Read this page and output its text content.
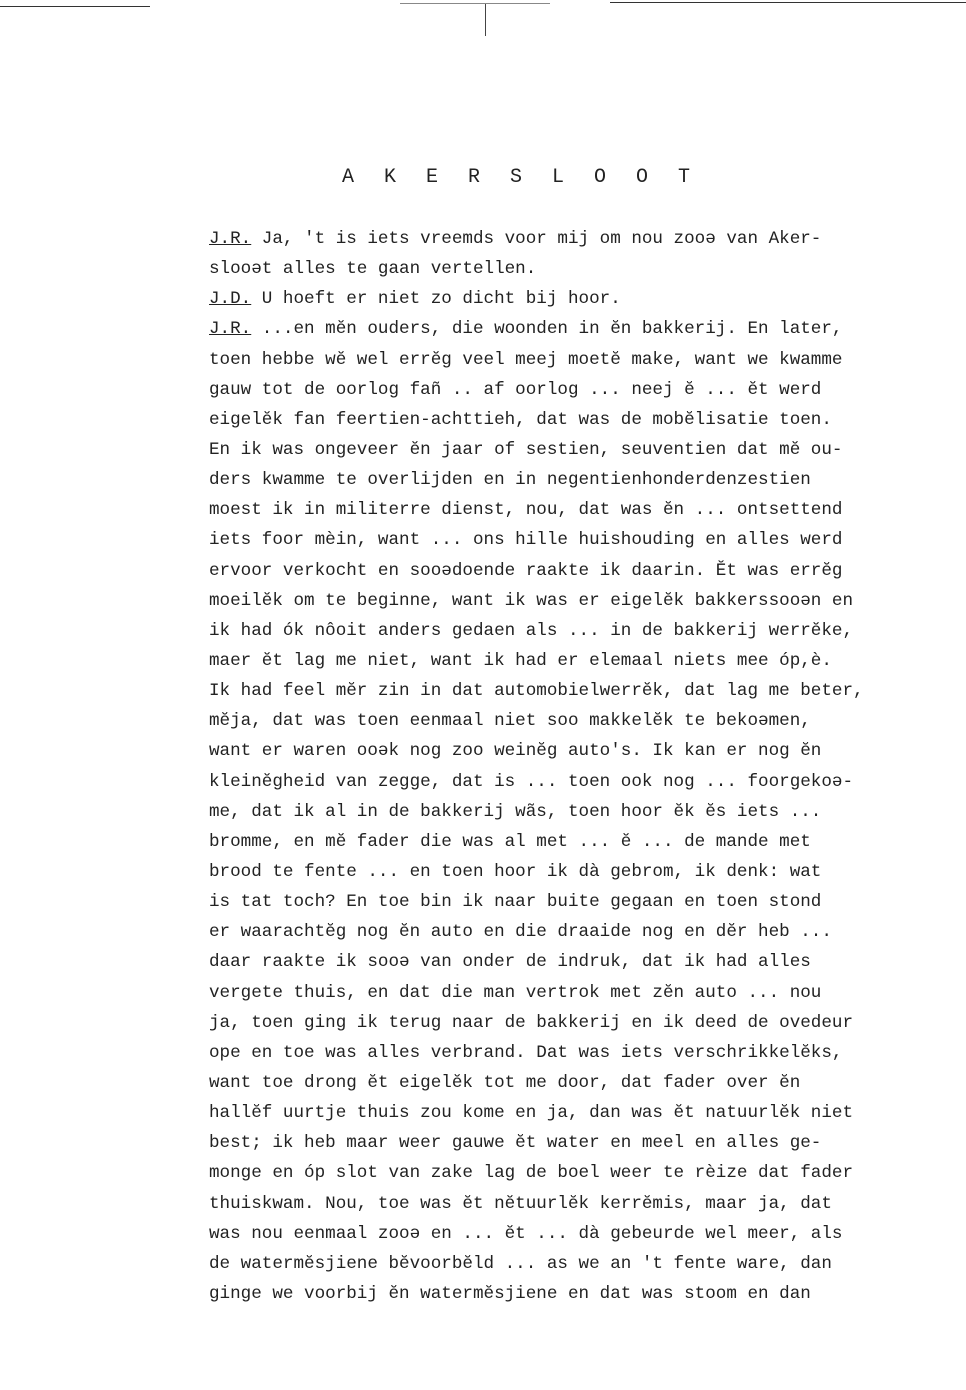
A K E R S L O O T
J.R. Ja, 't is iets vreemds voor mij om nou zooə van Aker-
slooət alles te gaan vertellen.
J.D. U hoeft er niet zo dicht bij hoor.
J.R. ...en mĕn ouders, die woonden in ĕn bakkerij. En later,
toen hebbe wĕ wel errĕg veel meej moetĕ make, want we kwamme
gauw tot de oorlog fañ .. af oorlog ... neej ĕ ... ĕt werd
eigelĕk fan feertien-achttieh, dat was de mobĕlisatie toen.
En ik was ongeveer ĕn jaar of sestien, seuventien dat mĕ ou-
ders kwamme te overlijden en in negentienhonderdenzestien
moest ik in militerre dienst, nou, dat was ĕn ... ontsettend
iets foor mèin, want ... ons hille huishouding en alles werd
ervoor verkocht en sooədoende raakte ik daarin. Ĕt was errĕg
moeilĕk om te beginne, want ik was er eigelĕk bakkerssooən en
ik had ók nôoit anders gedaen als ... in de bakkerij werrĕke,
maer ĕt lag me niet, want ik had er elemaal niets mee óp,è.
Ik had feel mĕr zin in dat automobielwerrĕk, dat lag me beter,
mĕja, dat was toen eenmaal niet soo makkelĕk te bekoəmen,
want er waren ooək nog zoo weinĕg auto's. Ik kan er nog ĕn
kleinĕgheid van zegge, dat is ... toen ook nog ... foorgekoə-
me, dat ik al in de bakkerij wãs, toen hoor ĕk ĕs iets ...
bromme, en mĕ fader die was al met ... ĕ ... de mande met
brood te fente ... en toen hoor ik dà gebrom, ik denk: wat
is tat toch? En toe bin ik naar buite gegaan en toen stond
er waarachtĕg nog ĕn auto en die draaide nog en dĕr heb ...
daar raakte ik sooə van onder de indruk, dat ik had alles
vergete thuis, en dat die man vertrok met zĕn auto ... nou
ja, toen ging ik terug naar de bakkerij en ik deed de ovedeur
ope en toe was alles verbrand. Dat was iets verschrikkelĕks,
want toe drong ĕt eigelĕk tot me door, dat fader over ĕn
hallĕf uurtje thuis zou kome en ja, dan was ĕt natuurlĕk niet
best; ik heb maar weer gauwe ĕt water en meel en alles ge-
monge en óp slot van zake lag de boel weer te rèize dat fader
thuiskwam. Nou, toe was ĕt nĕtuurlĕk kerrĕmis, maar ja, dat
was nou eenmaal zooə en ... ĕt ... dà gebeurde wel meer, als
de watermĕsjiene bĕvoorbĕld ... as we an 't fente ware, dan
ginge we voorbij ĕn watermĕsjiene en dat was stoom en dan
